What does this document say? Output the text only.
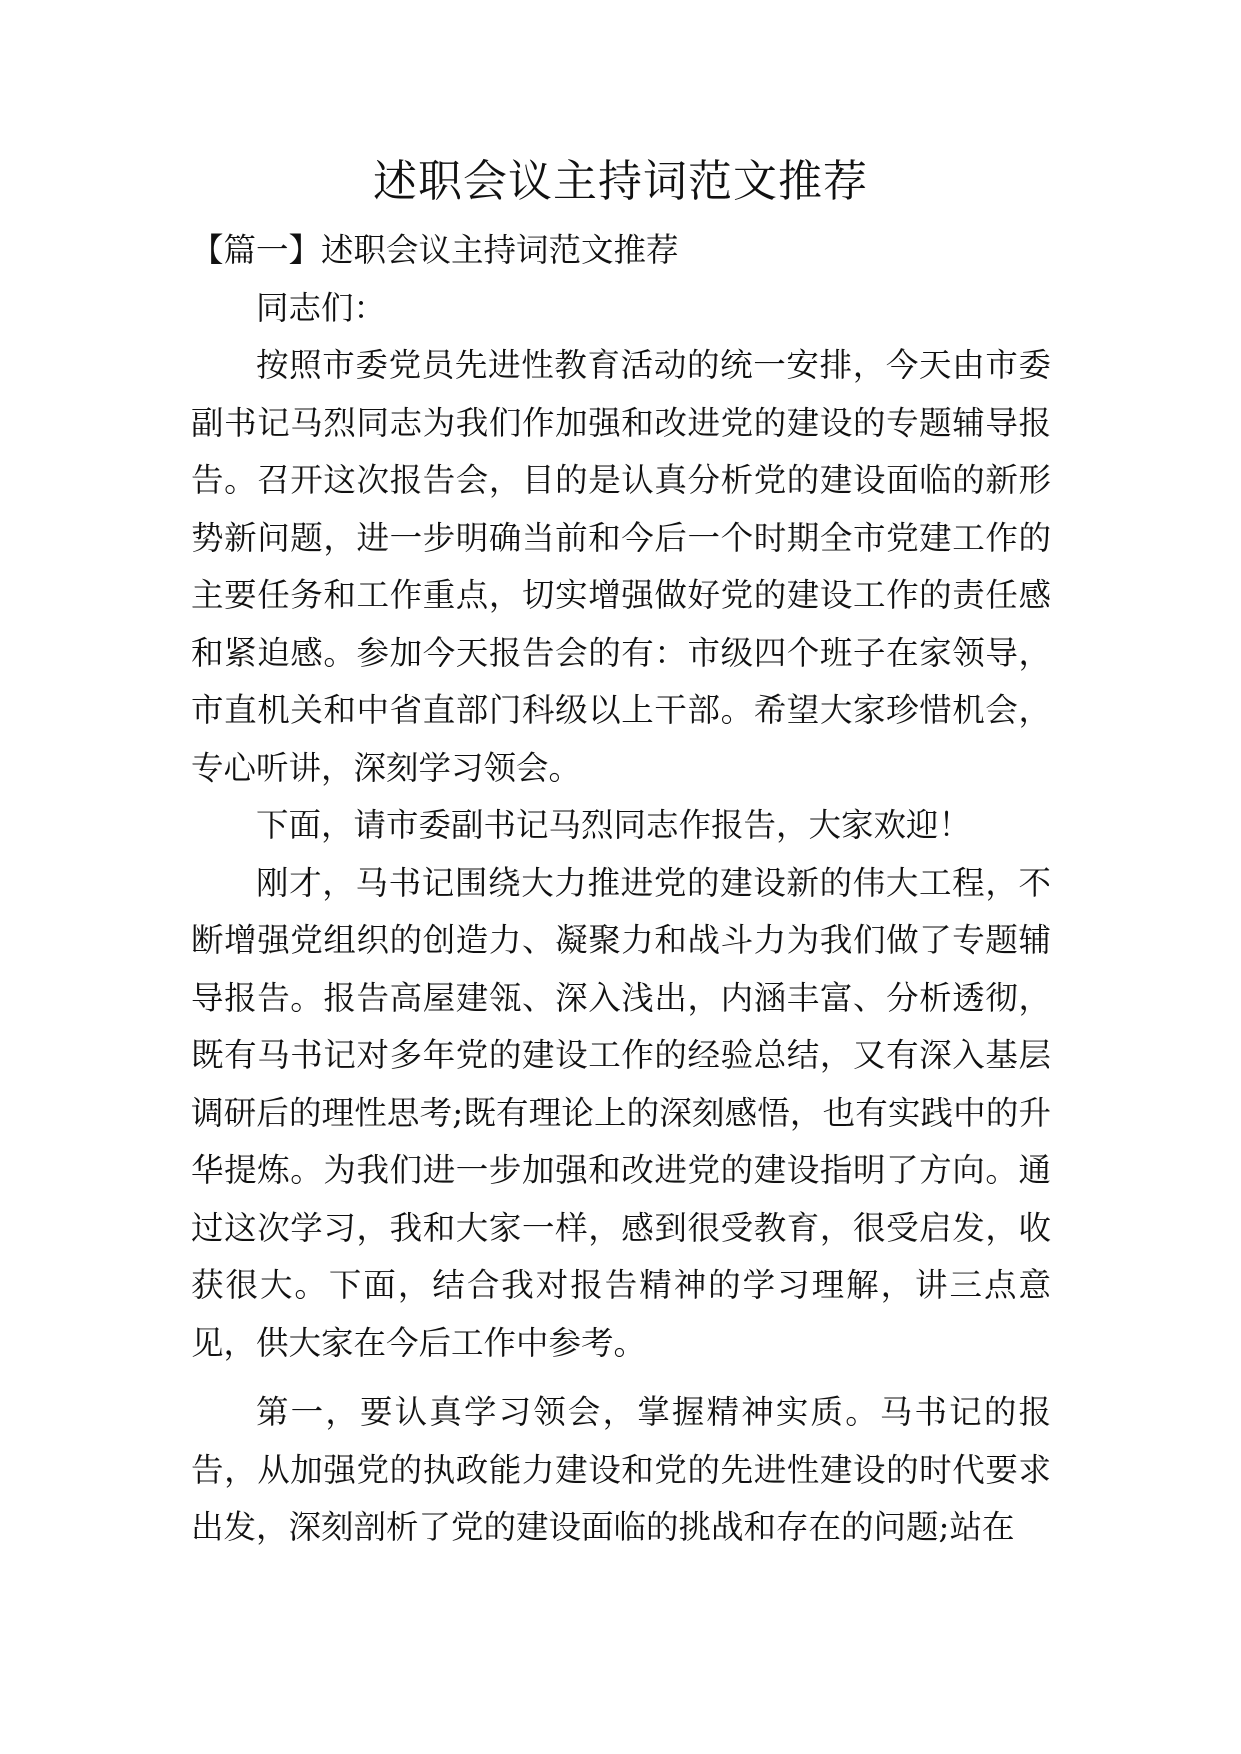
述职会议主持词范文推荐

【篇一】述职会议主持词范文推荐

同志们：

按照市委党员先进性教育活动的统一安排，今天由市委副书记马烈同志为我们作加强和改进党的建设的专题辅导报告。召开这次报告会，目的是认真分析党的建设面临的新形势新问题，进一步明确当前和今后一个时期全市党建工作的主要任务和工作重点，切实增强做好党的建设工作的责任感和紧迫感。参加今天报告会的有：市级四个班子在家领导，市直机关和中省直部门科级以上干部。希望大家珍惜机会，专心听讲，深刻学习领会。

下面，请市委副书记马烈同志作报告，大家欢迎！

刚才，马书记围绕大力推进党的建设新的伟大工程，不断增强党组织的创造力、凝聚力和战斗力为我们做了专题辅导报告。报告高屋建瓴、深入浅出，内涵丰富、分析透彻，既有马书记对多年党的建设工作的经验总结，又有深入基层调研后的理性思考;既有理论上的深刻感悟，也有实践中的升华提炼。为我们进一步加强和改进党的建设指明了方向。通过这次学习，我和大家一样，感到很受教育，很受启发，收获很大。下面，结合我对报告精神的学习理解，讲三点意见，供大家在今后工作中参考。

第一，要认真学习领会，掌握精神实质。马书记的报告，从加强党的执政能力建设和党的先进性建设的时代要求出发，深刻剖析了党的建设面临的挑战和存在的问题;站在
